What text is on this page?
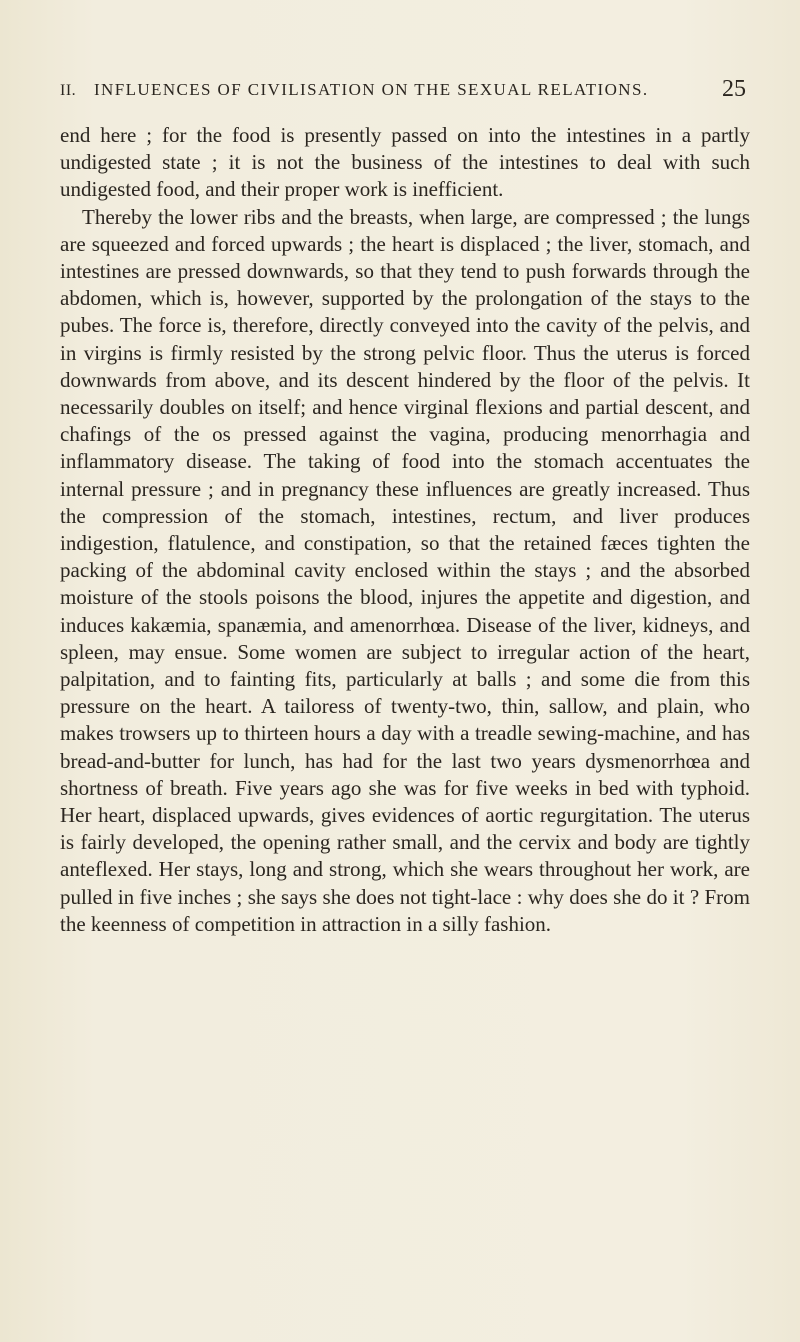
II. INFLUENCES OF CIVILISATION ON THE SEXUAL RELATIONS.	25

end here ; for the food is presently passed on into the intestines in a partly undigested state ; it is not the business of the intestines to deal with such undigested food, and their proper work is inefficient.

Thereby the lower ribs and the breasts, when large, are compressed ; the lungs are squeezed and forced upwards ; the heart is displaced ; the liver, stomach, and intestines are pressed downwards, so that they tend to push forwards through the abdomen, which is, however, supported by the prolongation of the stays to the pubes. The force is, therefore, directly conveyed into the cavity of the pelvis, and in virgins is firmly resisted by the strong pelvic floor. Thus the uterus is forced downwards from above, and its descent hindered by the floor of the pelvis. It necessarily doubles on itself; and hence virginal flexions and partial descent, and chafings of the os pressed against the vagina, producing menorrhagia and inflammatory disease. The taking of food into the stomach accentuates the internal pressure ; and in pregnancy these influences are greatly increased. Thus the compression of the stomach, intestines, rectum, and liver produces indigestion, flatulence, and constipation, so that the retained fæces tighten the packing of the abdominal cavity enclosed within the stays ; and the absorbed moisture of the stools poisons the blood, injures the appetite and digestion, and induces kakæmia, spanæmia, and amenorrhœa. Disease of the liver, kidneys, and spleen, may ensue. Some women are subject to irregular action of the heart, palpitation, and to fainting fits, particularly at balls ; and some die from this pressure on the heart. A tailoress of twenty-two, thin, sallow, and plain, who makes trowsers up to thirteen hours a day with a treadle sewing-machine, and has bread-and-butter for lunch, has had for the last two years dysmenorrhœa and shortness of breath. Five years ago she was for five weeks in bed with typhoid. Her heart, displaced upwards, gives evidences of aortic regurgitation. The uterus is fairly developed, the opening rather small, and the cervix and body are tightly anteflexed. Her stays, long and strong, which she wears throughout her work, are pulled in five inches ; she says she does not tight-lace : why does she do it ? From the keenness of competition in attraction in a silly fashion.
